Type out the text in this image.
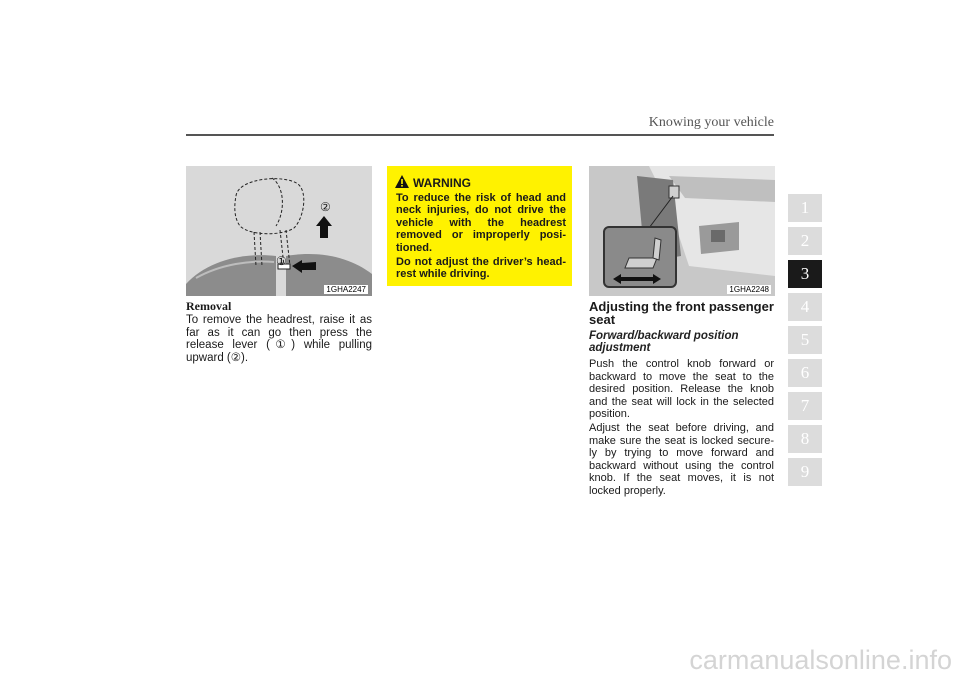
Knowing your vehicle
②
①
1GHA2247
Removal
To remove the headrest, raise it as
far as it can go then press the
release lever (①) while pulling
upward (②).
WARNING
To reduce the risk of head and
neck injuries, do not drive the
vehicle with the headrest
removed or improperly posi-
tioned.
Do not adjust the driver’s head-
rest while driving.
1GHA2248
Adjusting the front passenger
seat
Forward/backward position
adjustment
Push the control knob forward or
backward to move the seat to the
desired position. Release the knob
and the seat will lock in the selected
position.
Adjust the seat before driving, and
make sure the seat is locked secure-
ly by trying to move forward and
backward without using the control
knob. If the seat moves, it is not
locked properly.
1
2
3
4
5
6
7
8
9
carmanualsonline.info
